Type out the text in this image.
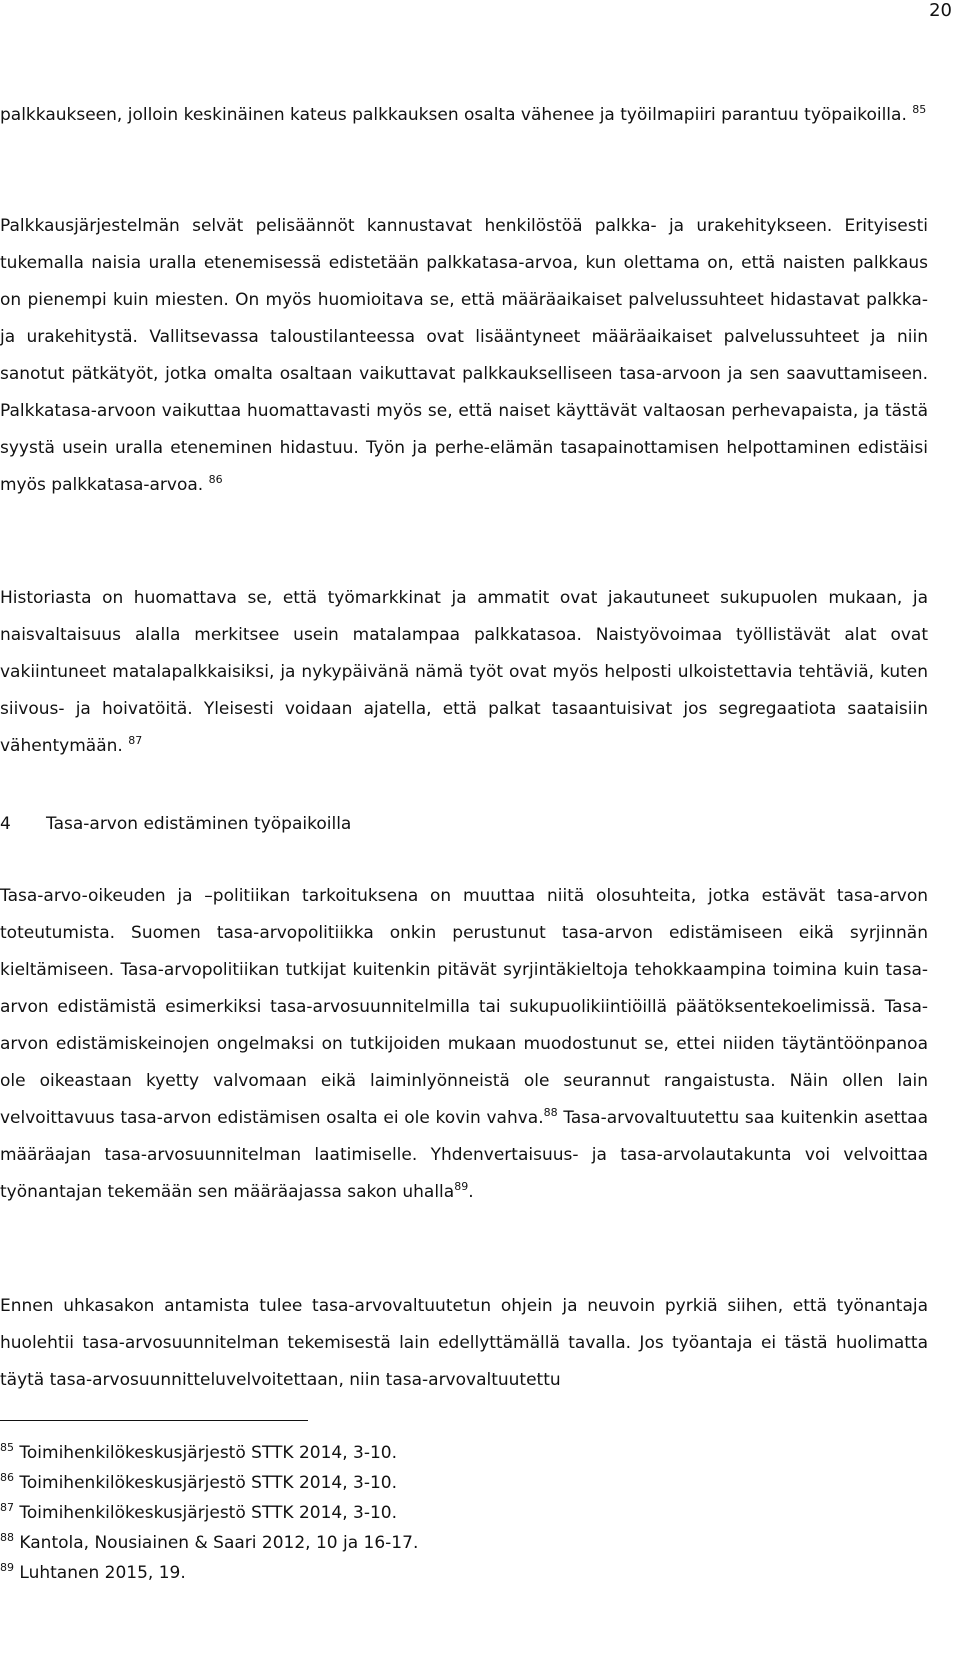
20

palkkaukseen, jolloin keskinäinen kateus palkkauksen osalta vähenee ja työilmapiiri parantuu työpaikoilla. $^{85}$

Palkkausjärjestelmän selvät pelisäännöt kannustavat henkilöstöä palkka- ja urakehitykseen. Erityisesti tukemalla naisia uralla etenemisessä edistetään palkkatasa-arvoa, kun olettama on, että naisten palkkaus on pienempi kuin miesten. On myös huomioitava se, että määräaikaiset palvelussuhteet hidastavat palkka- ja urakehitystä. Vallitsevassa taloustilanteessa ovat lisääntyneet määräaikaiset palvelussuhteet ja niin sanotut pätkätyöt, jotka omalta osaltaan vaikuttavat palkkaukselliseen tasa-arvoon ja sen saavuttamiseen. Palkkatasa-arvoon vaikuttaa huomattavasti myös se, että naiset käyttävät valtaosan perhevapaista, ja tästä syystä usein uralla eteneminen hidastuu. Työn ja perhe-elämän tasapainottamisen helpottaminen edistäisi myös palkkatasa-arvoa. $^{86}$

Historiasta on huomattava se, että työmarkkinat ja ammatit ovat jakautuneet sukupuolen mukaan, ja naisvaltaisuus alalla merkitsee usein matalampaa palkkatasoa. Naistyövoimaa työllistävät alat ovat vakiintuneet matalapalkkaisiksi, ja nykypäivänä nämä työt ovat myös helposti ulkoistettavia tehtäviä, kuten siivous- ja hoivatöitä. Yleisesti voidaan ajatella, että palkat tasaantuisivat jos segregaatiota saataisiin vähentymään. $^{87}$

4 Tasa-arvon edistäminen työpaikoilla

Tasa-arvo-oikeuden ja –politiikan tarkoituksena on muuttaa niitä olosuhteita, jotka estävät tasa-arvon toteutumista. Suomen tasa-arvopolitiikka onkin perustunut tasa-arvon edistämiseen eikä syrjinnän kieltämiseen. Tasa-arvopolitiikan tutkijat kuitenkin pitävät syrjintäkieltoja tehokkaampina toimina kuin tasa-arvon edistämistä esimerkiksi tasa-arvosuunnitelmilla tai sukupuolikiintiöillä päätöksentekoelimissä. Tasa-arvon edistämiskeinojen ongelmaksi on tutkijoiden mukaan muodostunut se, ettei niiden täytäntöönpanoa ole oikeastaan kyetty valvomaan eikä laiminlyönneistä ole seurannut rangaistusta. Näin ollen lain velvoittavuus tasa-arvon edistämisen osalta ei ole kovin vahva.$^{88}$ Tasa-arvovaltuutettu saa kuitenkin asettaa määräajan tasa-arvosuunnitelman laatimiselle. Yhdenvertaisuus- ja tasa-arvolautakunta voi velvoittaa työnantajan tekemään sen määräajassa sakon uhalla$^{89}$.

Ennen uhkasakon antamista tulee tasa-arvovaltuutetun ohjein ja neuvoin pyrkiä siihen, että työnantaja huolehtii tasa-arvosuunnitelman tekemisestä lain edellyttämällä tavalla. Jos työantaja ei tästä huolimatta täytä tasa-arvosuunnitteluvelvoitettaan, niin tasa-arvovaltuutettu

$^{85}$ Toimihenkilökeskusjärjestö STTK 2014, 3-10.
$^{86}$ Toimihenkilökeskusjärjestö STTK 2014, 3-10.
$^{87}$ Toimihenkilökeskusjärjestö STTK 2014, 3-10.
$^{88}$ Kantola, Nousiainen & Saari 2012, 10 ja 16-17.
$^{89}$ Luhtanen 2015, 19.
